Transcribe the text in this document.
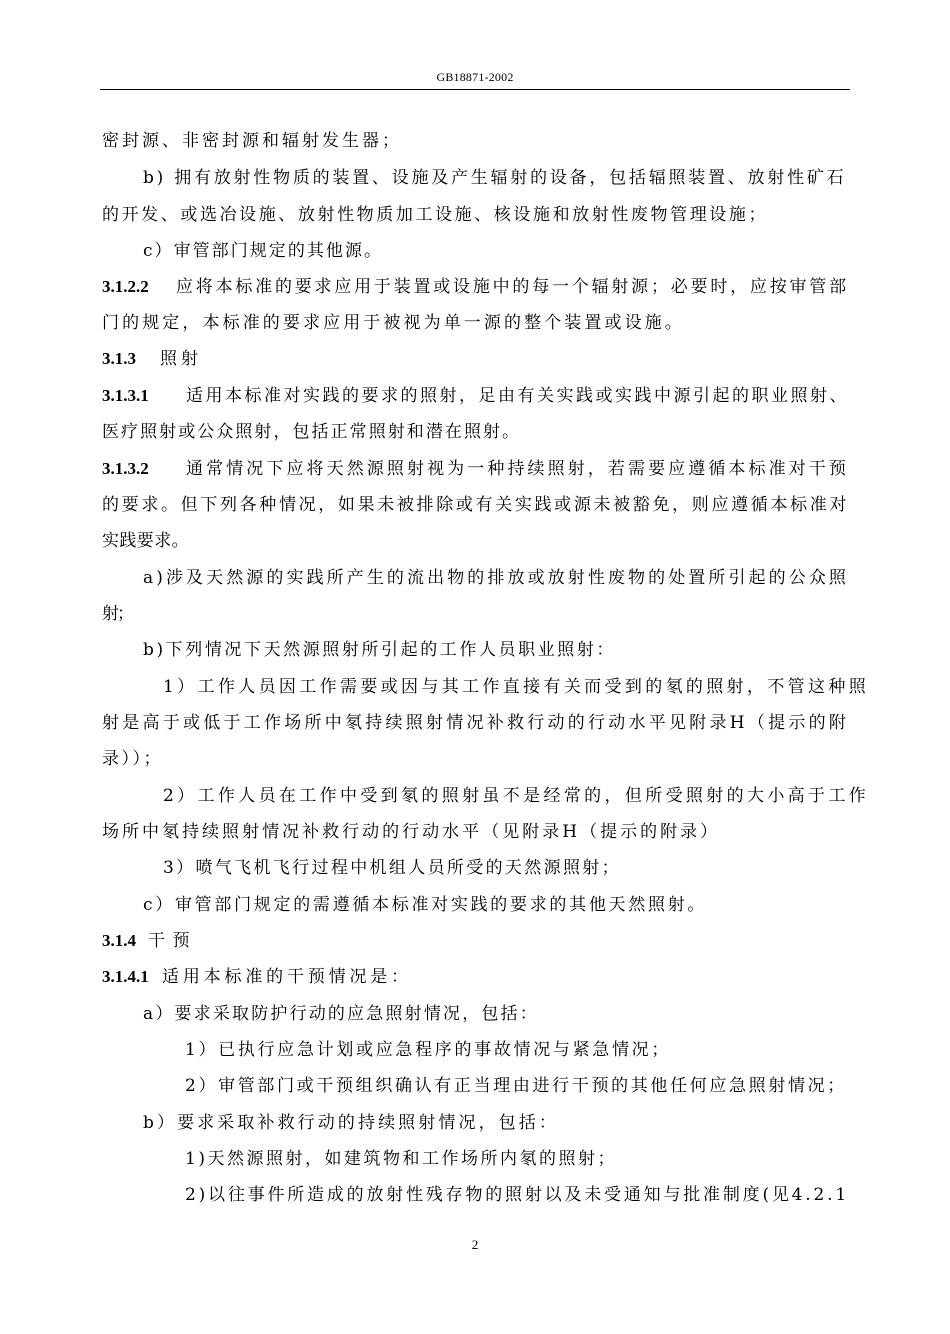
GB18871-2002
密封源、非密封源和辐射发生器；
b) 拥有放射性物质的装置、设施及产生辐射的设备，包括辐照装置、放射性矿石
的开发、或选冶设施、放射性物质加工设施、核设施和放射性废物管理设施；
c）审管部门规定的其他源。
3.1.2.2 应将本标准的要求应用于装置或设施中的每一个辐射源；必要时，应按审管部
门的规定，本标准的要求应用于被视为单一源的整个装置或设施。
3.1.3 照射
3.1.3.1 适用本标准对实践的要求的照射，足由有关实践或实践中源引起的职业照射、
医疗照射或公众照射，包括正常照射和潜在照射。
3.1.3.2 通常情况下应将天然源照射视为一种持续照射，若需要应遵循本标准对干预
的要求。但下列各种情况，如果未被排除或有关实践或源未被豁免，则应遵循本标准对
实践要求。
a)涉及天然源的实践所产生的流出物的排放或放射性废物的处置所引起的公众照
射；
b)下列情况下天然源照射所引起的工作人员职业照射：
1）工作人员因工作需要或因与其工作直接有关而受到的氡的照射，不管这种照
射是高于或低于工作场所中氡持续照射情况补救行动的行动水平见附录H（提示的附
录））；
2）工作人员在工作中受到氡的照射虽不是经常的，但所受照射的大小高于工作
场所中氡持续照射情况补救行动的行动水平（见附录H（提示的附录）
3）喷气飞机飞行过程中机组人员所受的天然源照射；
c）审管部门规定的需遵循本标准对实践的要求的其他天然照射。
3.1.4 干预
3.1.4.1 适用本标准的干预情况是：
a）要求采取防护行动的应急照射情况，包括：
1）已执行应急计划或应急程序的事故情况与紧急情况；
2）审管部门或干预组织确认有正当理由进行干预的其他任何应急照射情况；
b）要求采取补救行动的持续照射情况，包括：
1)天然源照射，如建筑物和工作场所内氡的照射；
2)以往事件所造成的放射性残存物的照射以及未受通知与批准制度(见4.2.1
2
